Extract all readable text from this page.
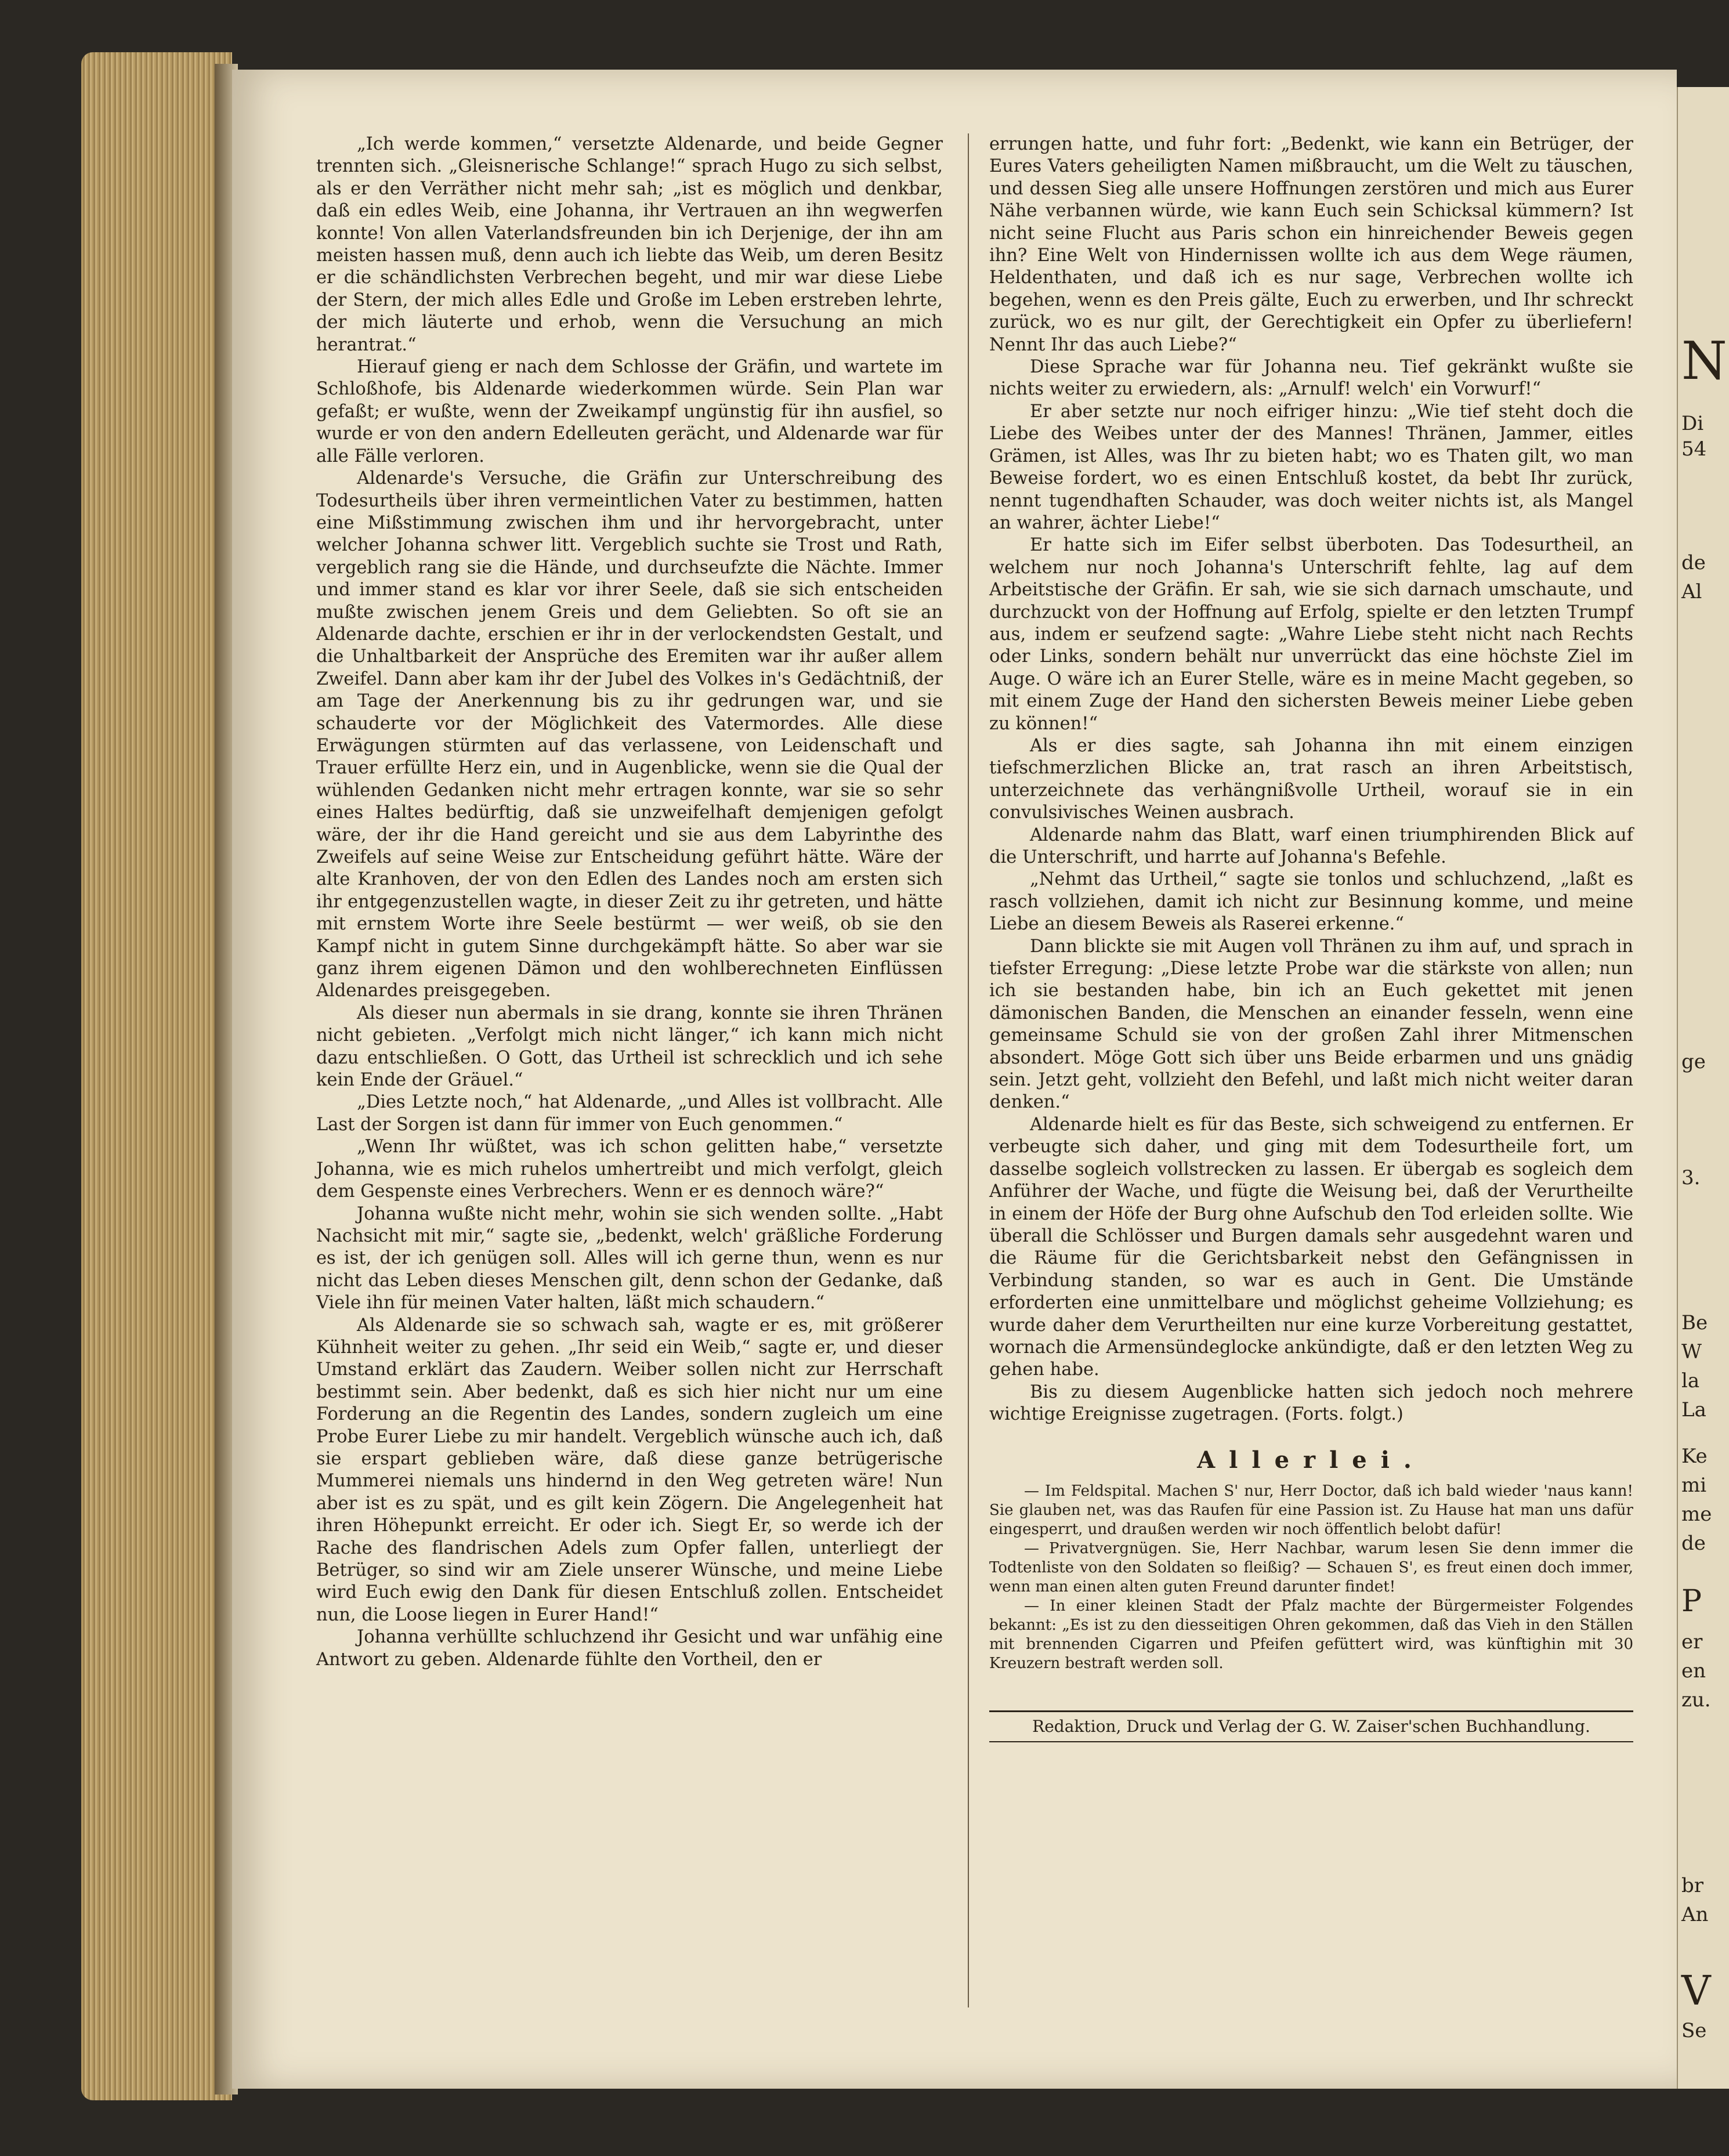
„Ich werde kommen,“ versetzte Aldenarde, und beide Gegner trennten sich. „Gleisnerische Schlange!“ sprach Hugo zu sich selbst, als er den Verräther nicht mehr sah; „ist es möglich und denkbar, daß ein edles Weib, eine Johanna, ihr Vertrauen an ihn wegwerfen konnte! Von allen Vaterlandsfreunden bin ich Derjenige, der ihn am meisten hassen muß, denn auch ich liebte das Weib, um deren Besitz er die schändlichsten Verbrechen begeht, und mir war diese Liebe der Stern, der mich alles Edle und Große im Leben erstreben lehrte, der mich läuterte und erhob, wenn die Versuchung an mich herantrat.“

Hierauf gieng er nach dem Schlosse der Gräfin, und wartete im Schloßhofe, bis Aldenarde wiederkommen würde. Sein Plan war gefaßt; er wußte, wenn der Zweikampf ungünstig für ihn ausfiel, so wurde er von den andern Edelleuten gerächt, und Aldenarde war für alle Fälle verloren.

Aldenarde's Versuche, die Gräfin zur Unterschreibung des Todesurtheils über ihren vermeintlichen Vater zu bestimmen, hatten eine Mißstimmung zwischen ihm und ihr hervorgebracht, unter welcher Johanna schwer litt. Vergeblich suchte sie Trost und Rath, vergeblich rang sie die Hände, und durchseufzte die Nächte. Immer und immer stand es klar vor ihrer Seele, daß sie sich entscheiden mußte zwischen jenem Greis und dem Geliebten. So oft sie an Aldenarde dachte, erschien er ihr in der verlockendsten Gestalt, und die Unhaltbarkeit der Ansprüche des Eremiten war ihr außer allem Zweifel. Dann aber kam ihr der Jubel des Volkes in's Gedächtniß, der am Tage der Anerkennung bis zu ihr gedrungen war, und sie schauderte vor der Möglichkeit des Vatermordes. Alle diese Erwägungen stürmten auf das verlassene, von Leidenschaft und Trauer erfüllte Herz ein, und in Augenblicke, wenn sie die Qual der wühlenden Gedanken nicht mehr ertragen konnte, war sie so sehr eines Haltes bedürftig, daß sie unzweifelhaft demjenigen gefolgt wäre, der ihr die Hand gereicht und sie aus dem Labyrinthe des Zweifels auf seine Weise zur Entscheidung geführt hätte. Wäre der alte Kranhoven, der von den Edlen des Landes noch am ersten sich ihr entgegenzustellen wagte, in dieser Zeit zu ihr getreten, und hätte mit ernstem Worte ihre Seele bestürmt — wer weiß, ob sie den Kampf nicht in gutem Sinne durchgekämpft hätte. So aber war sie ganz ihrem eigenen Dämon und den wohlberechneten Einflüssen Aldenardes preisgegeben.

Als dieser nun abermals in sie drang, konnte sie ihren Thränen nicht gebieten. „Verfolgt mich nicht länger,“ ich kann mich nicht dazu entschließen. O Gott, das Urtheil ist schrecklich und ich sehe kein Ende der Gräuel.“

„Dies Letzte noch,“ hat Aldenarde, „und Alles ist vollbracht. Alle Last der Sorgen ist dann für immer von Euch genommen.“

„Wenn Ihr wüßtet, was ich schon gelitten habe,“ versetzte Johanna, wie es mich ruhelos umhertreibt und mich verfolgt, gleich dem Gespenste eines Verbrechers. Wenn er es dennoch wäre?“

Johanna wußte nicht mehr, wohin sie sich wenden sollte. „Habt Nachsicht mit mir,“ sagte sie, „bedenkt, welch' gräßliche Forderung es ist, der ich genügen soll. Alles will ich gerne thun, wenn es nur nicht das Leben dieses Menschen gilt, denn schon der Gedanke, daß Viele ihn für meinen Vater halten, läßt mich schaudern.“

Als Aldenarde sie so schwach sah, wagte er es, mit größerer Kühnheit weiter zu gehen. „Ihr seid ein Weib,“ sagte er, und dieser Umstand erklärt das Zaudern. Weiber sollen nicht zur Herrschaft bestimmt sein. Aber bedenkt, daß es sich hier nicht nur um eine Forderung an die Regentin des Landes, sondern zugleich um eine Probe Eurer Liebe zu mir handelt. Vergeblich wünsche auch ich, daß sie erspart geblieben wäre, daß diese ganze betrügerische Mummerei niemals uns hindernd in den Weg getreten wäre! Nun aber ist es zu spät, und es gilt kein Zögern. Die Angelegenheit hat ihren Höhepunkt erreicht. Er oder ich. Siegt Er, so werde ich der Rache des flandrischen Adels zum Opfer fallen, unterliegt der Betrüger, so sind wir am Ziele unserer Wünsche, und meine Liebe wird Euch ewig den Dank für diesen Entschluß zollen. Entscheidet nun, die Loose liegen in Eurer Hand!“

Johanna verhüllte schluchzend ihr Gesicht und war unfähig eine Antwort zu geben. Aldenarde fühlte den Vortheil, den er

errungen hatte, und fuhr fort: „Bedenkt, wie kann ein Betrüger, der Eures Vaters geheiligten Namen mißbraucht, um die Welt zu täuschen, und dessen Sieg alle unsere Hoffnungen zerstören und mich aus Eurer Nähe verbannen würde, wie kann Euch sein Schicksal kümmern? Ist nicht seine Flucht aus Paris schon ein hinreichender Beweis gegen ihn? Eine Welt von Hindernissen wollte ich aus dem Wege räumen, Heldenthaten, und daß ich es nur sage, Verbrechen wollte ich begehen, wenn es den Preis gälte, Euch zu erwerben, und Ihr schreckt zurück, wo es nur gilt, der Gerechtigkeit ein Opfer zu überliefern! Nennt Ihr das auch Liebe?“

Diese Sprache war für Johanna neu. Tief gekränkt wußte sie nichts weiter zu erwiedern, als: „Arnulf! welch' ein Vorwurf!“

Er aber setzte nur noch eifriger hinzu: „Wie tief steht doch die Liebe des Weibes unter der des Mannes! Thränen, Jammer, eitles Grämen, ist Alles, was Ihr zu bieten habt; wo es Thaten gilt, wo man Beweise fordert, wo es einen Entschluß kostet, da bebt Ihr zurück, nennt tugendhaften Schauder, was doch weiter nichts ist, als Mangel an wahrer, ächter Liebe!“

Er hatte sich im Eifer selbst überboten. Das Todesurtheil, an welchem nur noch Johanna's Unterschrift fehlte, lag auf dem Arbeitstische der Gräfin. Er sah, wie sie sich darnach umschaute, und durchzuckt von der Hoffnung auf Erfolg, spielte er den letzten Trumpf aus, indem er seufzend sagte: „Wahre Liebe steht nicht nach Rechts oder Links, sondern behält nur unverrückt das eine höchste Ziel im Auge. O wäre ich an Eurer Stelle, wäre es in meine Macht gegeben, so mit einem Zuge der Hand den sichersten Beweis meiner Liebe geben zu können!“

Als er dies sagte, sah Johanna ihn mit einem einzigen tiefschmerzlichen Blicke an, trat rasch an ihren Arbeitstisch, unterzeichnete das verhängnißvolle Urtheil, worauf sie in ein convulsivisches Weinen ausbrach.

Aldenarde nahm das Blatt, warf einen triumphirenden Blick auf die Unterschrift, und harrte auf Johanna's Befehle.

„Nehmt das Urtheil,“ sagte sie tonlos und schluchzend, „laßt es rasch vollziehen, damit ich nicht zur Besinnung komme, und meine Liebe an diesem Beweis als Raserei erkenne.“

Dann blickte sie mit Augen voll Thränen zu ihm auf, und sprach in tiefster Erregung: „Diese letzte Probe war die stärkste von allen; nun ich sie bestanden habe, bin ich an Euch gekettet mit jenen dämonischen Banden, die Menschen an einander fesseln, wenn eine gemeinsame Schuld sie von der großen Zahl ihrer Mitmenschen absondert. Möge Gott sich über uns Beide erbarmen und uns gnädig sein. Jetzt geht, vollzieht den Befehl, und laßt mich nicht weiter daran denken.“

Aldenarde hielt es für das Beste, sich schweigend zu entfernen. Er verbeugte sich daher, und ging mit dem Todesurtheile fort, um dasselbe sogleich vollstrecken zu lassen. Er übergab es sogleich dem Anführer der Wache, und fügte die Weisung bei, daß der Verurtheilte in einem der Höfe der Burg ohne Aufschub den Tod erleiden sollte. Wie überall die Schlösser und Burgen damals sehr ausgedehnt waren und die Räume für die Gerichtsbarkeit nebst den Gefängnissen in Verbindung standen, so war es auch in Gent. Die Umstände erforderten eine unmittelbare und möglichst geheime Vollziehung; es wurde daher dem Verurtheilten nur eine kurze Vorbereitung gestattet, wornach die Armensündeglocke ankündigte, daß er den letzten Weg zu gehen habe.

Bis zu diesem Augenblicke hatten sich jedoch noch mehrere wichtige Ereignisse zugetragen. (Forts. folgt.)

Allerlei.

— Im Feldspital. Machen S' nur, Herr Doctor, daß ich bald wieder 'naus kann! Sie glauben net, was das Raufen für eine Passion ist. Zu Hause hat man uns dafür eingesperrt, und draußen werden wir noch öffentlich belobt dafür!

— Privatvergnügen. Sie, Herr Nachbar, warum lesen Sie denn immer die Todtenliste von den Soldaten so fleißig? — Schauen S', es freut einen doch immer, wenn man einen alten guten Freund darunter findet!

— In einer kleinen Stadt der Pfalz machte der Bürgermeister Folgendes bekannt: „Es ist zu den diesseitigen Ohren gekommen, daß das Vieh in den Ställen mit brennenden Cigarren und Pfeifen gefüttert wird, was künftighin mit 30 Kreuzern bestraft werden soll.

Redaktion, Druck und Verlag der G. W. Zaiser'schen Buchhandlung.
N
Di
54
de
Al
ge
3.
Be
W
la
La
Ke
mi
me
de
P
er
en
zu.
br
An
V
Se
